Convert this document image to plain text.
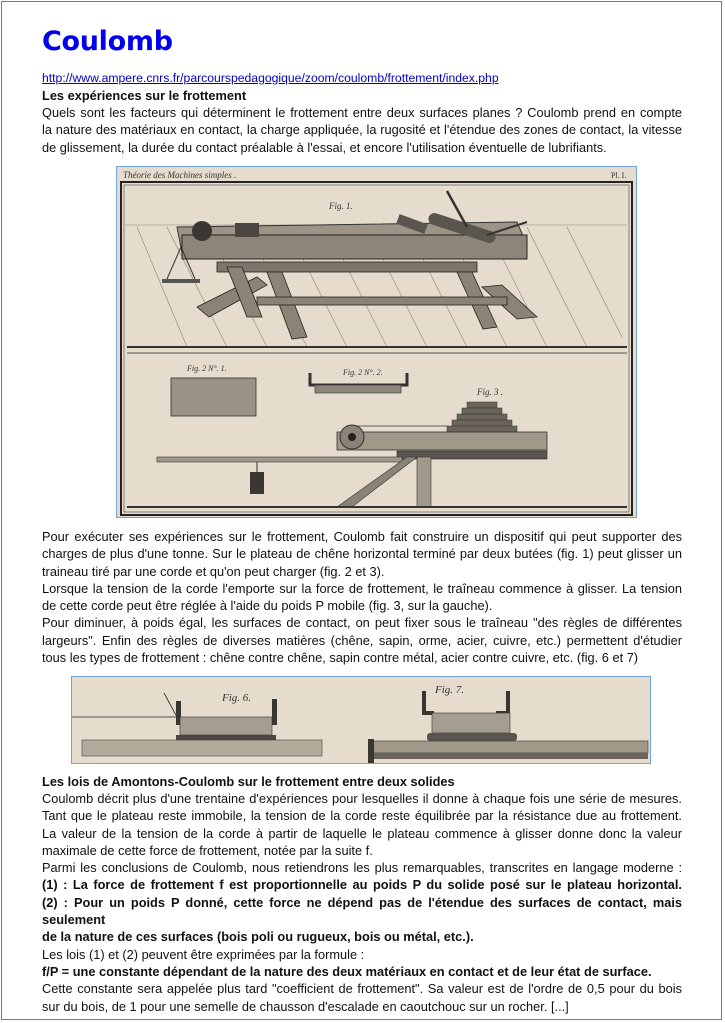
Coulomb
http://www.ampere.cnrs.fr/parcourspedagogique/zoom/coulomb/frottement/index.php
Les expériences sur le frottement
Quels sont les facteurs qui déterminent le frottement entre deux surfaces planes ? Coulomb prend en compte
la nature des matériaux en contact, la charge appliquée, la rugosité et l'étendue des zones de contact, la vitesse
de glissement, la durée du contact préalable à l'essai, et encore l'utilisation éventuelle de lubrifiants.
Théorie des Machines simples .	Pl. I.
Fig. 1.
Fig. 2 N°. 1.	Fig. 2 N°. 2.
Fig. 3 .
Pour exécuter ses expériences sur le frottement, Coulomb fait construire un dispositif qui peut supporter des
charges de plus d'une tonne. Sur le plateau de chêne horizontal terminé par deux butées (fig. 1) peut glisser un
traineau tiré par une corde et qu'on peut charger (fig. 2 et 3).
Lorsque la tension de la corde l'emporte sur la force de frottement, le traîneau commence à glisser. La tension
de cette corde peut être réglée à l'aide du poids P mobile (fig. 3, sur la gauche).
Pour diminuer, à poids égal, les surfaces de contact, on peut fixer sous le traîneau "des règles de différentes
largeurs". Enfin des règles de diverses matières (chêne, sapin, orme, acier, cuivre, etc.) permettent d'étudier
tous les types de frottement : chêne contre chêne, sapin contre métal, acier contre cuivre, etc. (fig. 6 et 7)
Fig. 6.
Fig. 7.
Les lois de Amontons-Coulomb sur le frottement entre deux solides
Coulomb décrit plus d'une trentaine d'expériences pour lesquelles il donne à chaque fois une série de mesures.
Tant que le plateau reste immobile, la tension de la corde reste équilibrée par la résistance due au frottement.
La valeur de la tension de la corde à partir de laquelle le plateau commence à glisser donne donc la valeur
maximale de cette force de frottement, notée par la suite f.
Parmi les conclusions de Coulomb, nous retiendrons les plus remarquables, transcrites en langage moderne :
(1) : La force de frottement f est proportionnelle au poids P du solide posé sur le plateau horizontal.
(2) : Pour un poids P donné, cette force ne dépend pas de l'étendue des surfaces de contact, mais seulement
de la nature de ces surfaces (bois poli ou rugueux, bois ou métal, etc.).
Les lois (1) et (2) peuvent être exprimées par la formule :
f/P = une constante dépendant de la nature des deux matériaux en contact et de leur état de surface.
Cette constante sera appelée plus tard "coefficient de frottement". Sa valeur est de l'ordre de 0,5 pour du bois
sur du bois, de 1 pour une semelle de chausson d'escalade en caoutchouc sur un rocher. [...]
